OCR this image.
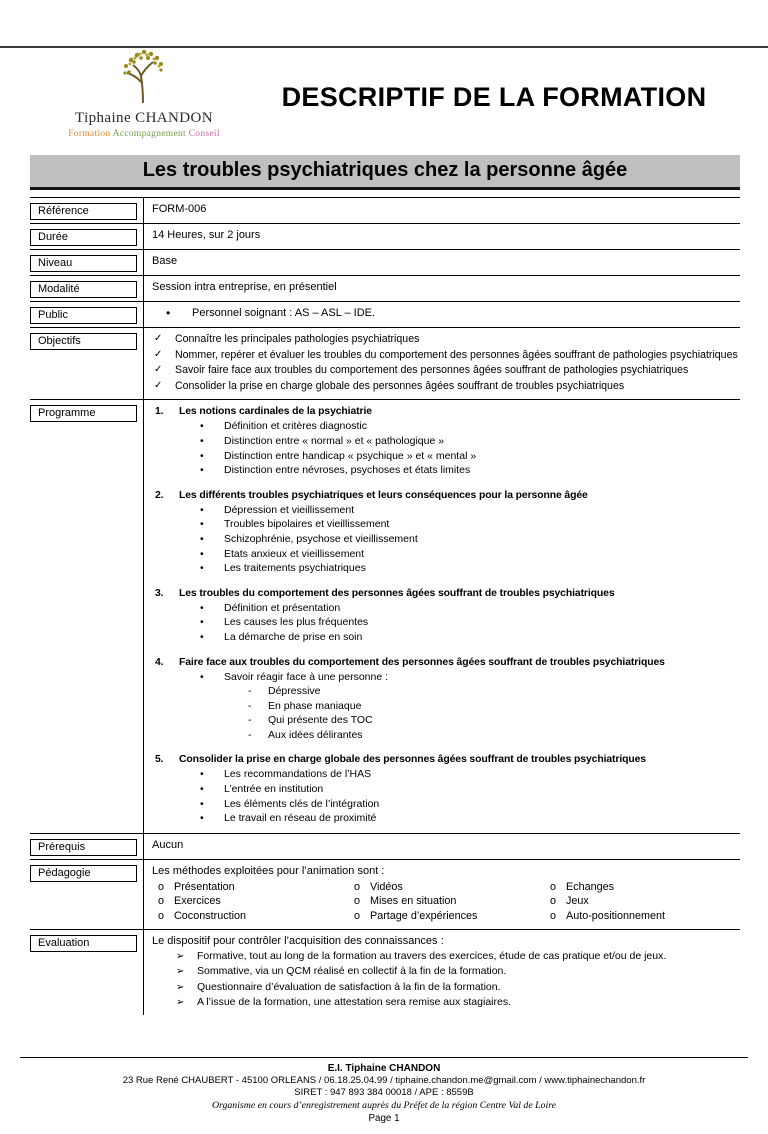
Tiphaine CHANDON
Formation Accompagnement Conseil
DESCRIPTIF DE LA FORMATION
Les troubles psychiatriques chez la personne âgée
Référence	FORM-006
Durée	14 Heures, sur 2 jours
Niveau	Base
Modalité	Session intra entreprise, en présentiel
Public	•	Personnel soignant : AS – ASL – IDE.
Objectifs	✓	Connaître les principales pathologies psychiatriques
✓	Nommer, repérer et évaluer les troubles du comportement des personnes âgées souffrant de pathologies psychiatriques
✓	Savoir faire face aux troubles du comportement des personnes âgées souffrant de pathologies psychiatriques
✓	Consolider la prise en charge globale des personnes âgées souffrant de troubles psychiatriques
Programme	1.	Les notions cardinales de la psychiatrie
•	Définition et critères diagnostic
•	Distinction entre « normal » et « pathologique »
•	Distinction entre handicap « psychique » et « mental »
•	Distinction entre névroses, psychoses et états limites
2.	Les différents troubles psychiatriques et leurs conséquences pour la personne âgée
•	Dépression et vieillissement
•	Troubles bipolaires et vieillissement
•	Schizophrénie, psychose et vieillissement
•	Etats anxieux et vieillissement
•	Les traitements psychiatriques
3.	Les troubles du comportement des personnes âgées souffrant de troubles psychiatriques
•	Définition et présentation
•	Les causes les plus fréquentes
•	La démarche de prise en soin
4.	Faire face aux troubles du comportement des personnes âgées souffrant de troubles psychiatriques
•	Savoir réagir face à une personne :
-	Dépressive
-	En phase maniaque
-	Qui présente des TOC
-	Aux idées délirantes
5.	Consolider la prise en charge globale des personnes âgées souffrant de troubles psychiatriques
•	Les recommandations de l’HAS
•	L’entrée en institution
•	Les éléments clés de l’intégration
•	Le travail en réseau de proximité
Prérequis	Aucun
Pédagogie	Les méthodes exploitées pour l’animation sont :
o Présentation	o Vidéos	o Echanges
o Exercices	o Mises en situation	o Jeux
o Coconstruction	o Partage d’expériences	o Auto-positionnement
Evaluation	Le dispositif pour contrôler l’acquisition des connaissances :
➢	Formative, tout au long de la formation au travers des exercices, étude de cas pratique et/ou de jeux.
➢	Sommative, via un QCM réalisé en collectif à la fin de la formation.
➢	Questionnaire d’évaluation de satisfaction à la fin de la formation.
➢	A l’issue de la formation, une attestation sera remise aux stagiaires.
E.I. Tiphaine CHANDON
23 Rue René CHAUBERT - 45100 ORLEANS / 06.18.25.04.99 / tiphaine.chandon.me@gmail.com / www.tiphainechandon.fr
SIRET : 947 893 384 00018 / APE : 8559B
Organisme en cours d’enregistrement auprès du Préfet de la région Centre Val de Loire
Page 1
